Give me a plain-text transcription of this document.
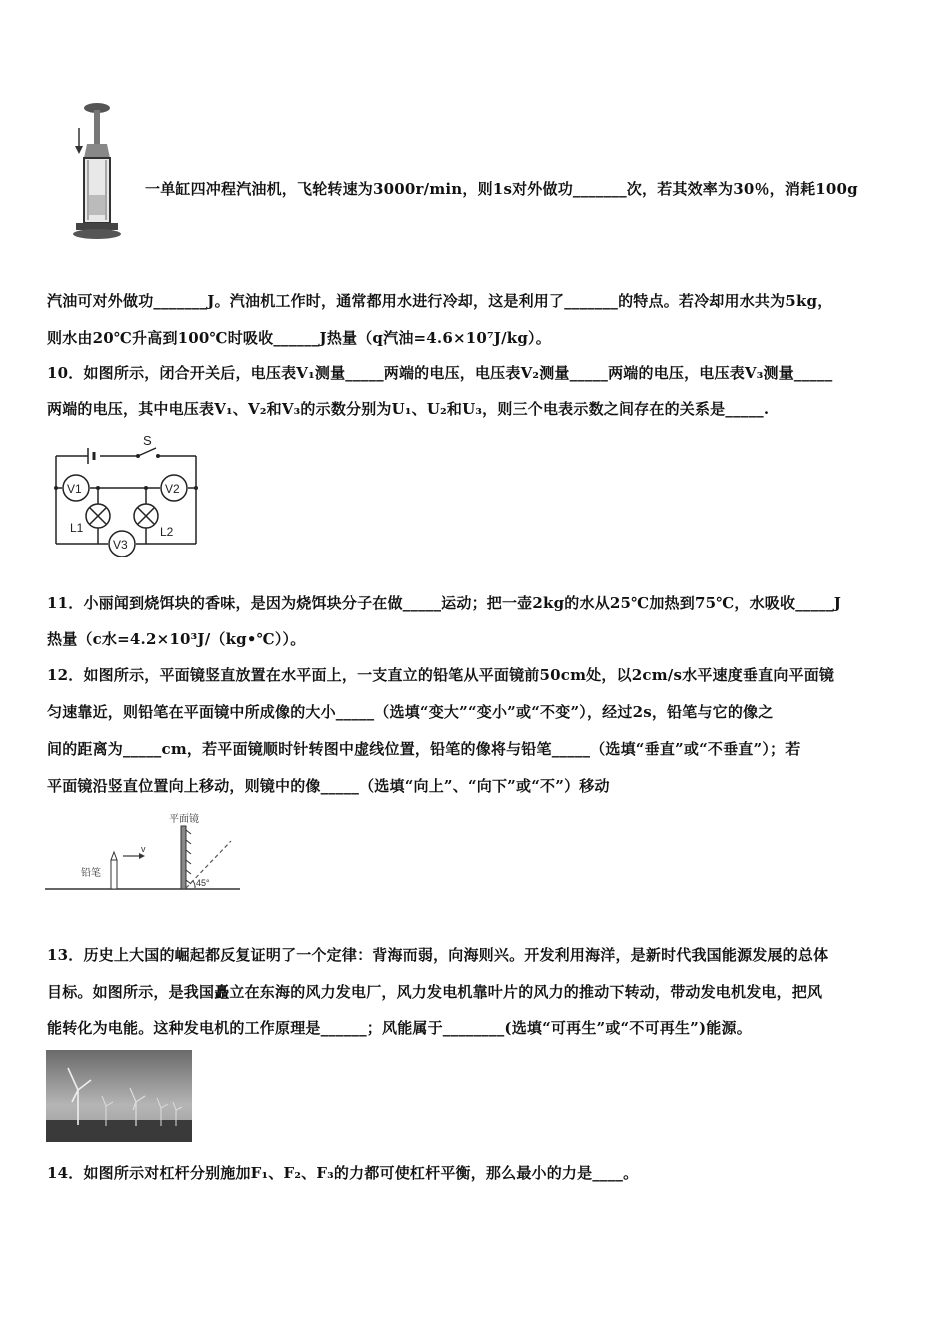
一单缸四冲程汽油机，飞轮转速为3000r/min，则1s对外做功_______次，若其效率为30％，消耗100g
汽油可对外做功_______J。汽油机工作时，通常都用水进行冷却，这是利用了_______的特点。若冷却用水共为5kg，
则水由20℃升高到100℃时吸收______J热量（q汽油=4.6×10⁷J/kg）。
10．如图所示，闭合开关后，电压表V₁测量_____两端的电压，电压表V₂测量_____两端的电压，电压表V₃测量_____
两端的电压，其中电压表V₁、V₂和V₃的示数分别为U₁、U₂和U₃，则三个电表示数之间存在的关系是_____.
S
V1	V2
V3
L1	L2
11．小丽闻到烧饵块的香味，是因为烧饵块分子在做_____运动；把一壶2kg的水从25℃加热到75℃，水吸收_____J
热量（c水=4.2×10³J/（kg•℃））。
12．如图所示，平面镜竖直放置在水平面上，一支直立的铅笔从平面镜前50cm处，以2cm/s水平速度垂直向平面镜
匀速靠近，则铅笔在平面镜中所成像的大小_____（选填“变大”“变小”或“不变”），经过2s，铅笔与它的像之
间的距离为_____cm，若平面镜顺时针转图中虚线位置，铅笔的像将与铅笔_____（选填“垂直”或“不垂直”）；若
平面镜沿竖直位置向上移动，则镜中的像_____（选填“向上”、“向下”或“不”）移动
铅笔
v
平面镜
45°
13．历史上大国的崛起都反复证明了一个定律：背海而弱，向海则兴。开发利用海洋，是新时代我国能源发展的总体
目标。如图所示，是我国矗立在东海的风力发电厂，风力发电机靠叶片的风力的推动下转动，带动发电机发电，把风
能转化为电能。这种发电机的工作原理是______；风能属于________(选填“可再生”或“不可再生”)能源。
14．如图所示对杠杆分别施加F₁、F₂、F₃的力都可使杠杆平衡，那么最小的力是____。
